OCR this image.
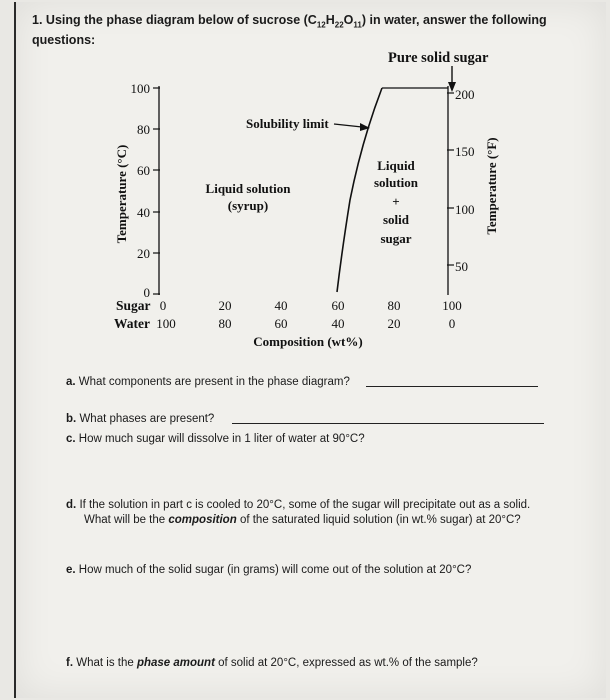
1. Using the phase diagram below of sucrose $(C_{12}H_{22}O_{11})$ in water, answer the following
questions:
Pure solid sugar
100
80
60
40
20
0
200
150
100
50
Temperature (°C)	Temperature (°F)
Solubility limit
Liquid solution
(syrup)
Liquid
solution
+
solid
sugar
Sugar
Water
0	20	40	60	80	100
100	80	60	40	20	0
Composition (wt%)
a. What components are present in the phase diagram?
b. What phases are present?
c. How much sugar will dissolve in 1 liter of water at 90°C?
d. If the solution in part c is cooled to 20°C, some of the sugar will precipitate out as a solid.
What will be the composition of the saturated liquid solution (in wt.% sugar) at 20°C?
e. How much of the solid sugar (in grams) will come out of the solution at 20°C?
f. What is the phase amount of solid at 20°C, expressed as wt.% of the sample?
